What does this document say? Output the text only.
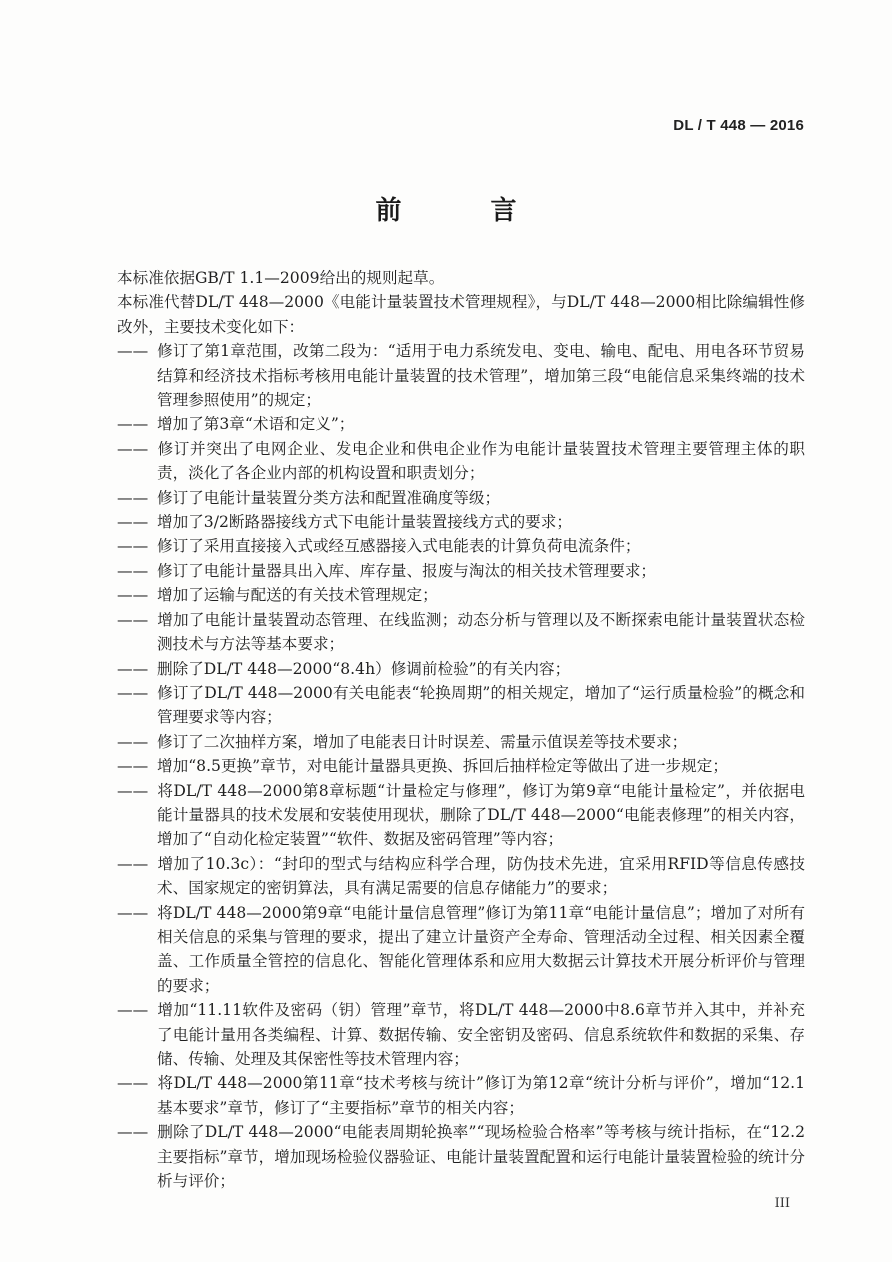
DL / T 448 — 2016
前 言

本标准依据GB/T 1.1—2009给出的规则起草。

本标准代替DL/T 448—2000《电能计量装置技术管理规程》，与DL/T 448—2000相比除编辑性修改外，主要技术变化如下：

—— 修订了第1章范围，改第二段为：“适用于电力系统发电、变电、输电、配电、用电各环节贸易结算和经济技术指标考核用电能计量装置的技术管理”，增加第三段“电能信息采集终端的技术管理参照使用”的规定；

—— 增加了第3章“术语和定义”；

—— 修订并突出了电网企业、发电企业和供电企业作为电能计量装置技术管理主要管理主体的职责，淡化了各企业内部的机构设置和职责划分；

—— 修订了电能计量装置分类方法和配置准确度等级；

—— 增加了3/2断路器接线方式下电能计量装置接线方式的要求；

—— 修订了采用直接接入式或经互感器接入式电能表的计算负荷电流条件；

—— 修订了电能计量器具出入库、库存量、报废与淘汰的相关技术管理要求；

—— 增加了运输与配送的有关技术管理规定；

—— 增加了电能计量装置动态管理、在线监测；动态分析与管理以及不断探索电能计量装置状态检测技术与方法等基本要求；

—— 删除了DL/T 448—2000“8.4h）修调前检验”的有关内容；

—— 修订了DL/T 448—2000有关电能表“轮换周期”的相关规定，增加了“运行质量检验”的概念和管理要求等内容；

—— 修订了二次抽样方案，增加了电能表日计时误差、需量示值误差等技术要求；

—— 增加“8.5更换”章节，对电能计量器具更换、拆回后抽样检定等做出了进一步规定；

—— 将DL/T 448—2000第8章标题“计量检定与修理”，修订为第9章“电能计量检定”，并依据电能计量器具的技术发展和安装使用现状，删除了DL/T 448—2000“电能表修理”的相关内容，增加了“自动化检定装置”“软件、数据及密码管理”等内容；

—— 增加了10.3c）：“封印的型式与结构应科学合理，防伪技术先进，宜采用RFID等信息传感技术、国家规定的密钥算法，具有满足需要的信息存储能力”的要求；

—— 将DL/T 448—2000第9章“电能计量信息管理”修订为第11章“电能计量信息”；增加了对所有相关信息的采集与管理的要求，提出了建立计量资产全寿命、管理活动全过程、相关因素全覆盖、工作质量全管控的信息化、智能化管理体系和应用大数据云计算技术开展分析评价与管理的要求；

—— 增加“11.11软件及密码（钥）管理”章节，将DL/T 448—2000中8.6章节并入其中，并补充了电能计量用各类编程、计算、数据传输、安全密钥及密码、信息系统软件和数据的采集、存储、传输、处理及其保密性等技术管理内容；

—— 将DL/T 448—2000第11章“技术考核与统计”修订为第12章“统计分析与评价”，增加“12.1基本要求”章节，修订了“主要指标”章节的相关内容；

—— 删除了DL/T 448—2000“电能表周期轮换率”“现场检验合格率”等考核与统计指标，在“12.2主要指标”章节，增加现场检验仪器验证、电能计量装置配置和运行电能计量装置检验的统计分析与评价；

III
